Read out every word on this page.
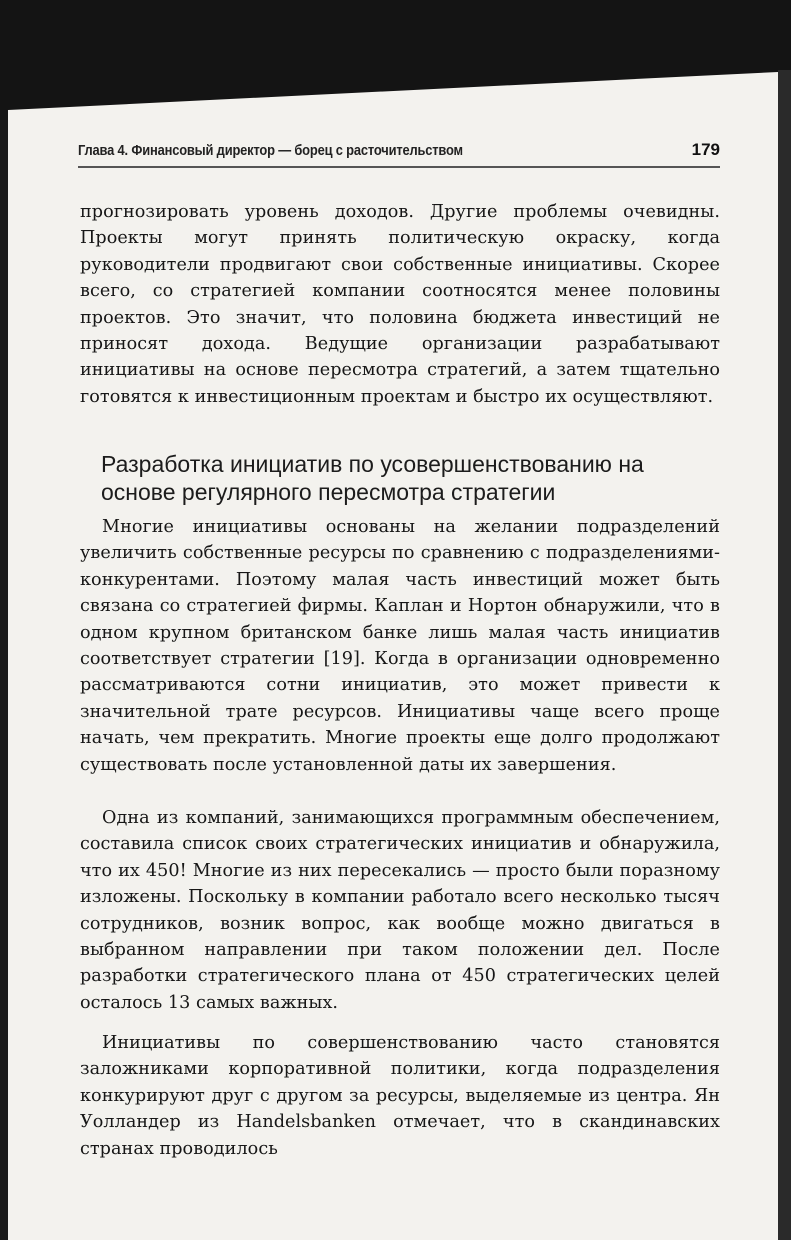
Глава 4. Финансовый директор — борец с расточительством	179
прогнозировать уровень доходов. Другие проблемы очевидны. Проекты могут принять политическую окраску, когда руководители продвигают свои собственные инициативы. Скорее всего, со стратегией компании соотносятся менее половины проектов. Это значит, что половина бюджета инвестиций не приносят дохода. Ведущие организации разрабатывают инициативы на основе пересмотра стратегий, а затем тщательно готовятся к инвестиционным проектам и быстро их осуществляют.
Разработка инициатив по усовершенствованию на
основе регулярного пересмотра стратегии
Многие инициативы основаны на желании подразделений увеличить собственные ресурсы по сравнению с подразделениями-конкурентами. Поэтому малая часть инвестиций может быть связана со стратегией фирмы. Каплан и Нортон обнаружили, что в одном крупном британском банке лишь малая часть инициатив соответствует стратегии [19]. Когда в организации одновременно рассматриваются сотни инициатив, это может привести к значительной трате ресурсов. Инициативы чаще всего проще начать, чем прекратить. Многие проекты еще долго продолжают существовать после установленной даты их завершения.
Одна из компаний, занимающихся программным обеспечением, составила список своих стратегических инициатив и обнаружила, что их 450! Многие из них пересекались — просто были поразному изложены. Поскольку в компании работало всего несколько тысяч сотрудников, возник вопрос, как вообще можно двигаться в выбранном направлении при таком положении дел. После разработки стратегического плана от 450 стратегических целей осталось 13 самых важных.
Инициативы по совершенствованию часто становятся заложниками корпоративной политики, когда подразделения конкурируют друг с другом за ресурсы, выделяемые из центра. Ян Уолландер из Handelsbanken отмечает, что в скандинавских странах проводилось
